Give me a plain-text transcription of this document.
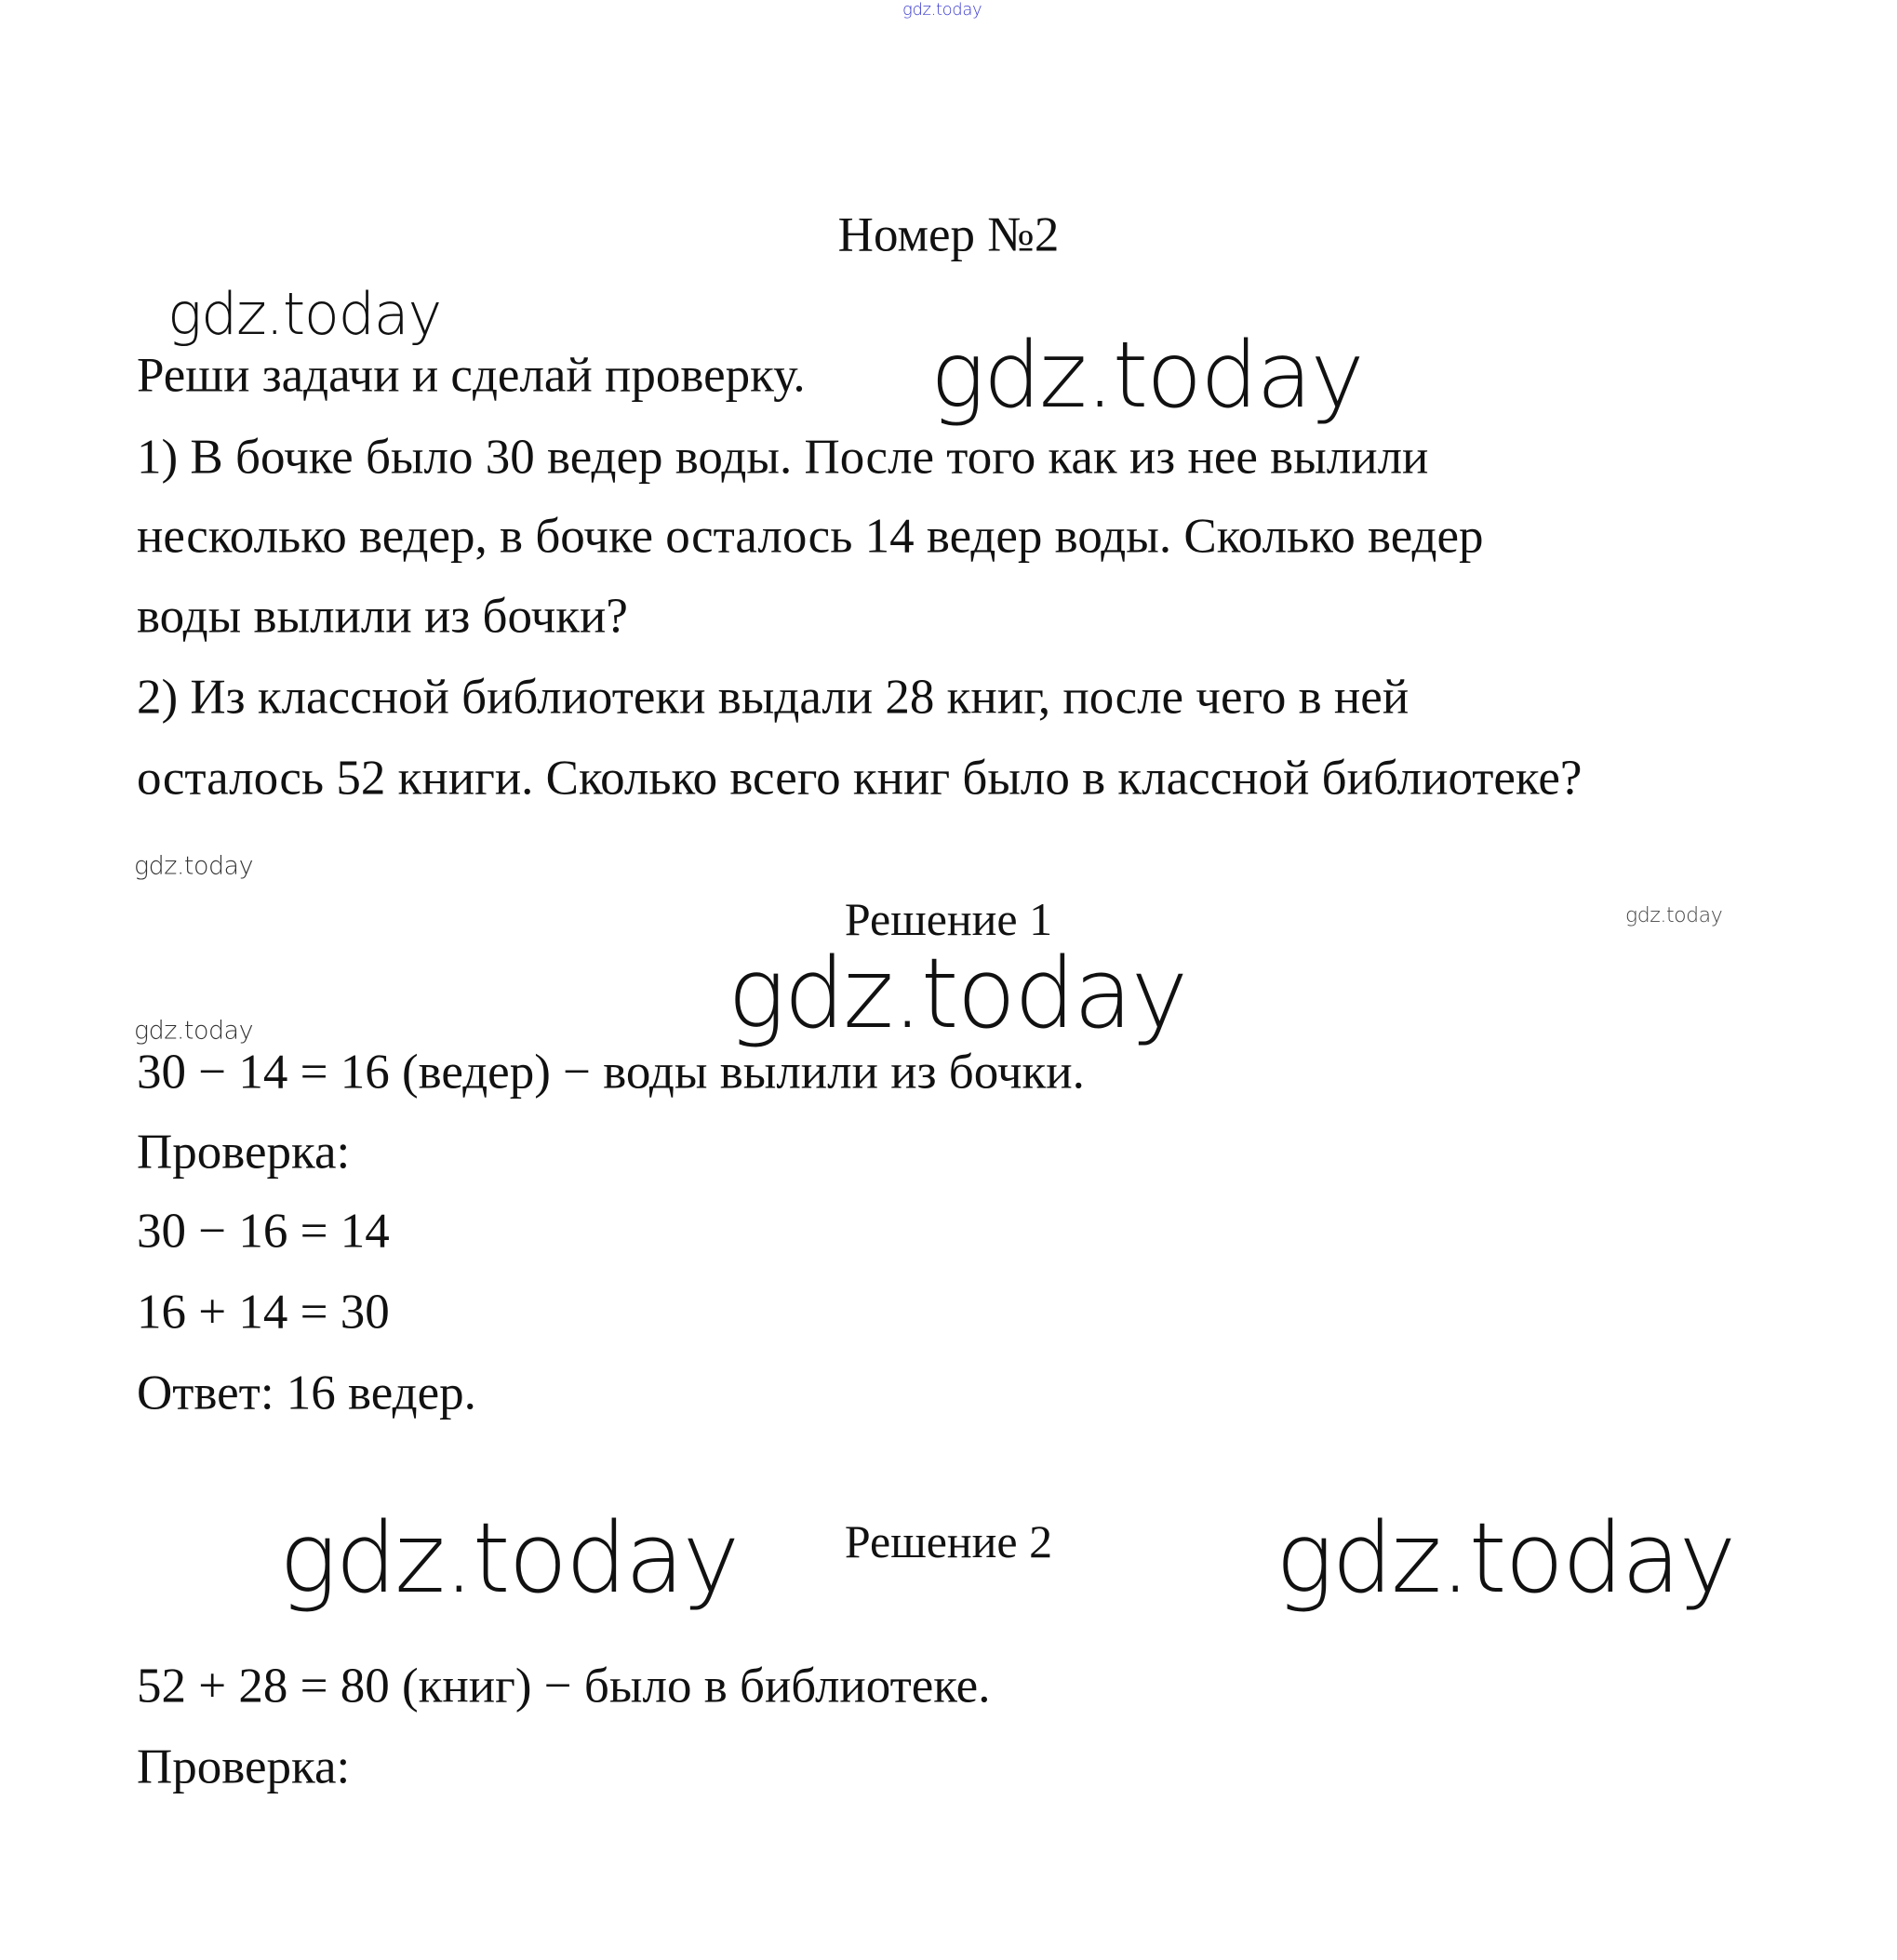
gdz.today
Номер №2
gdz.today
Реши задачи и сделай проверку. gdz.today
1) В бочке было 30 ведер воды. После того как из нее вылили
несколько ведер, в бочке осталось 14 ведер воды. Сколько ведер
воды вылили из бочки?
2) Из классной библиотеки выдали 28 книг, после чего в ней
осталось 52 книги. Сколько всего книг было в классной библиотеке?
gdz.today
Решение 1	gdz.today
gdz.today
gdz.today
30 − 14 = 16 (ведер) − воды вылили из бочки.
Проверка:
30 − 16 = 14
16 + 14 = 30
Ответ: 16 ведер.
gdz.today	Решение 2	gdz.today
52 + 28 = 80 (книг) − было в библиотеке.
Проверка:
